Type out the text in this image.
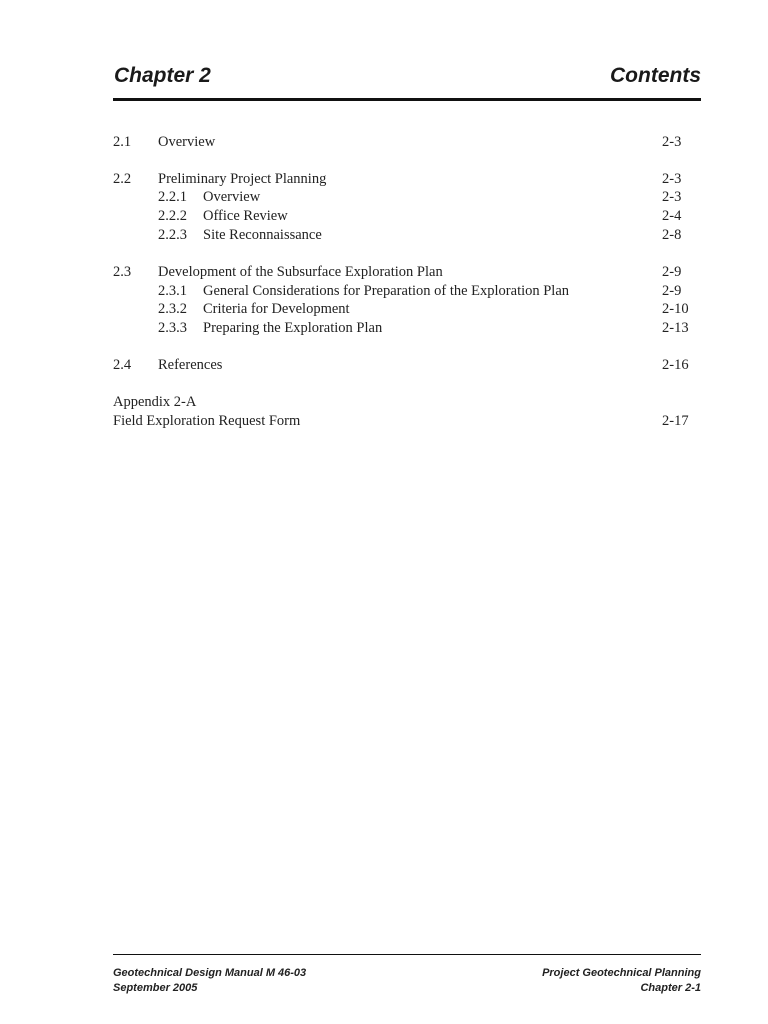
Chapter 2	Contents
2.1 Overview	2-3
2.2 Preliminary Project Planning	2-3
2.2.1 Overview	2-3
2.2.2 Office Review	2-4
2.2.3 Site Reconnaissance	2-8
2.3 Development of the Subsurface Exploration Plan	2-9
2.3.1 General Considerations for Preparation of the Exploration Plan	2-9
2.3.2 Criteria for Development	2-10
2.3.3 Preparing the Exploration Plan	2-13
2.4 References	2-16
Appendix 2-A
Field Exploration Request Form	2-17
Geotechnical Design Manual M 46-03
September 2005
Project Geotechnical Planning
Chapter 2-1
